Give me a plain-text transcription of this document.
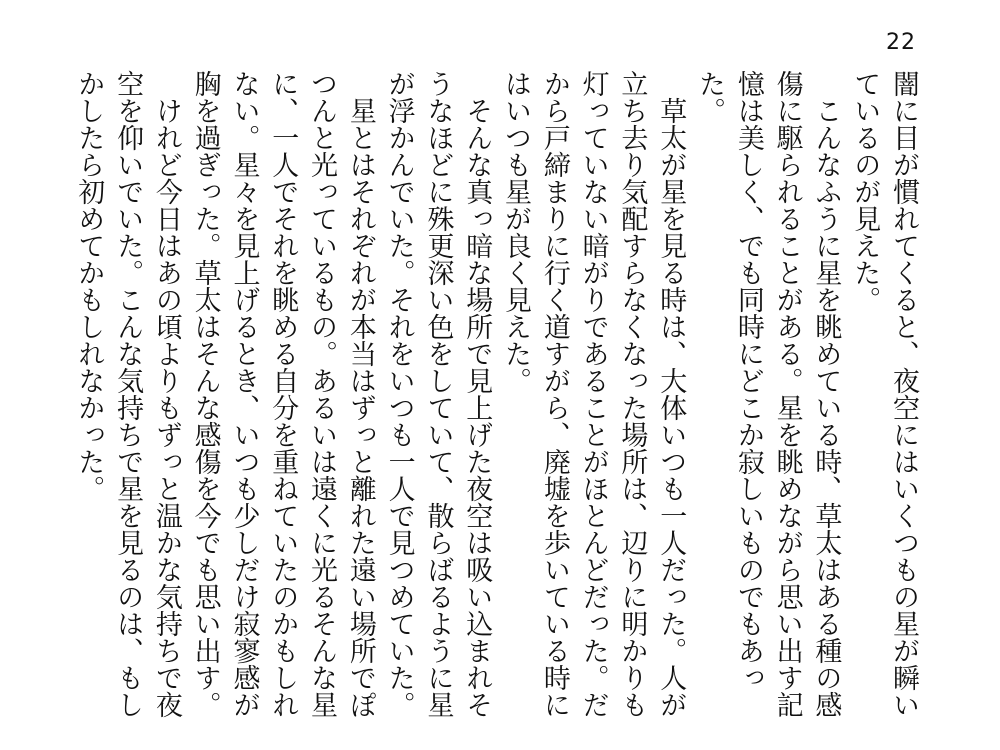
22

闇に目が慣れてくると、夜空にはいくつもの星が瞬いているのが見えた。

こんなふうに星を眺めている時、草太はある種の感傷に駆られることがある。星を眺めながら思い出す記憶は美しく、でも同時にどこか寂しいものでもあった。

草太が星を見る時は、大体いつも一人だった。人が立ち去り気配すらなくなった場所は、辺りに明かりも灯っていない暗がりであることがほとんどだった。だから戸締まりに行く道すがら、廃墟を歩いている時にはいつも星が良く見えた。

そんな真っ暗な場所で見上げた夜空は吸い込まれそうなほどに殊更深い色をしていて、散らばるように星が浮かんでいた。それをいつも一人で見つめていた。

星とはそれぞれが本当はずっと離れた遠い場所でぽつんと光っているもの。あるいは遠くに光るそんな星に、一人でそれを眺める自分を重ねていたのかもしれない。星々を見上げるとき、いつも少しだけ寂寥感が胸を過ぎった。草太はそんな感傷を今でも思い出す。

けれど今日はあの頃よりもずっと温かな気持ちで夜空を仰いでいた。こんな気持ちで星を見るのは、もしかしたら初めてかもしれなかった。
